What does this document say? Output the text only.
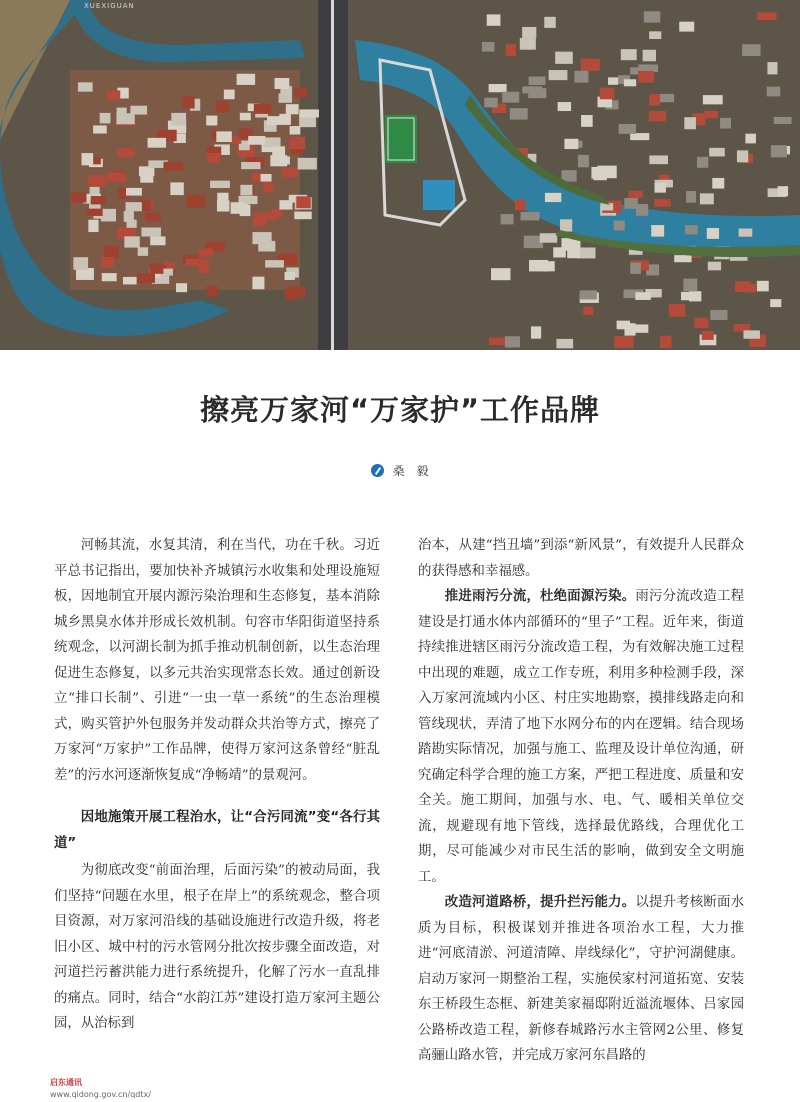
XUEXIGUAN
擦亮万家河“万家护”工作品牌
桑　毅

河畅其流，水复其清，利在当代，功在千秋。习近平总书记指出，要加快补齐城镇污水收集和处理设施短板，因地制宜开展内源污染治理和生态修复，基本消除城乡黑臭水体并形成长效机制。句容市华阳街道坚持系统观念，以河湖长制为抓手推动机制创新，以生态治理促进生态修复，以多元共治实现常态长效。通过创新设立“排口长制”、引进“一虫一草一系统”的生态治理模式，购买管护外包服务并发动群众共治等方式，擦亮了万家河“万家护”工作品牌，使得万家河这条曾经“脏乱差”的污水河逐渐恢复成“净畅靖”的景观河。

因地施策开展工程治水，让“合污同流”变“各行其道”

为彻底改变“前面治理，后面污染”的被动局面，我们坚持“问题在水里，根子在岸上”的系统观念，整合项目资源，对万家河沿线的基础设施进行改造升级，将老旧小区、城中村的污水管网分批次按步骤全面改造，对河道拦污蓄洪能力进行系统提升，化解了污水一直乱排的痛点。同时，结合“水韵江苏”建设打造万家河主题公园，从治标到

治本，从建“挡丑墙”到添“新风景”，有效提升人民群众的获得感和幸福感。

推进雨污分流，杜绝面源污染。雨污分流改造工程建设是打通水体内部循环的“里子”工程。近年来，街道持续推进辖区雨污分流改造工程，为有效解决施工过程中出现的难题，成立工作专班，利用多种检测手段，深入万家河流域内小区、村庄实地勘察，摸排线路走向和管线现状，弄清了地下水网分布的内在逻辑。结合现场踏勘实际情况，加强与施工、监理及设计单位沟通，研究确定科学合理的施工方案，严把工程进度、质量和安全关。施工期间，加强与水、电、气、暖相关单位交流，规避现有地下管线，选择最优路线，合理优化工期，尽可能减少对市民生活的影响，做到安全文明施工。

改造河道路桥，提升拦污能力。以提升考核断面水质为目标，积极谋划并推进各项治水工程，大力推进“河底清淤、河道清障、岸线绿化”，守护河湖健康。启动万家河一期整治工程，实施侯家村河道拓宽、安装东王桥段生态框、新建美家福邸附近溢流堰体、吕家园公路桥改造工程，新修春城路污水主管网2公里、修复高骊山路水管，并完成万家河东昌路的

启东通讯
www.qidong.gov.cn/qdtx/
